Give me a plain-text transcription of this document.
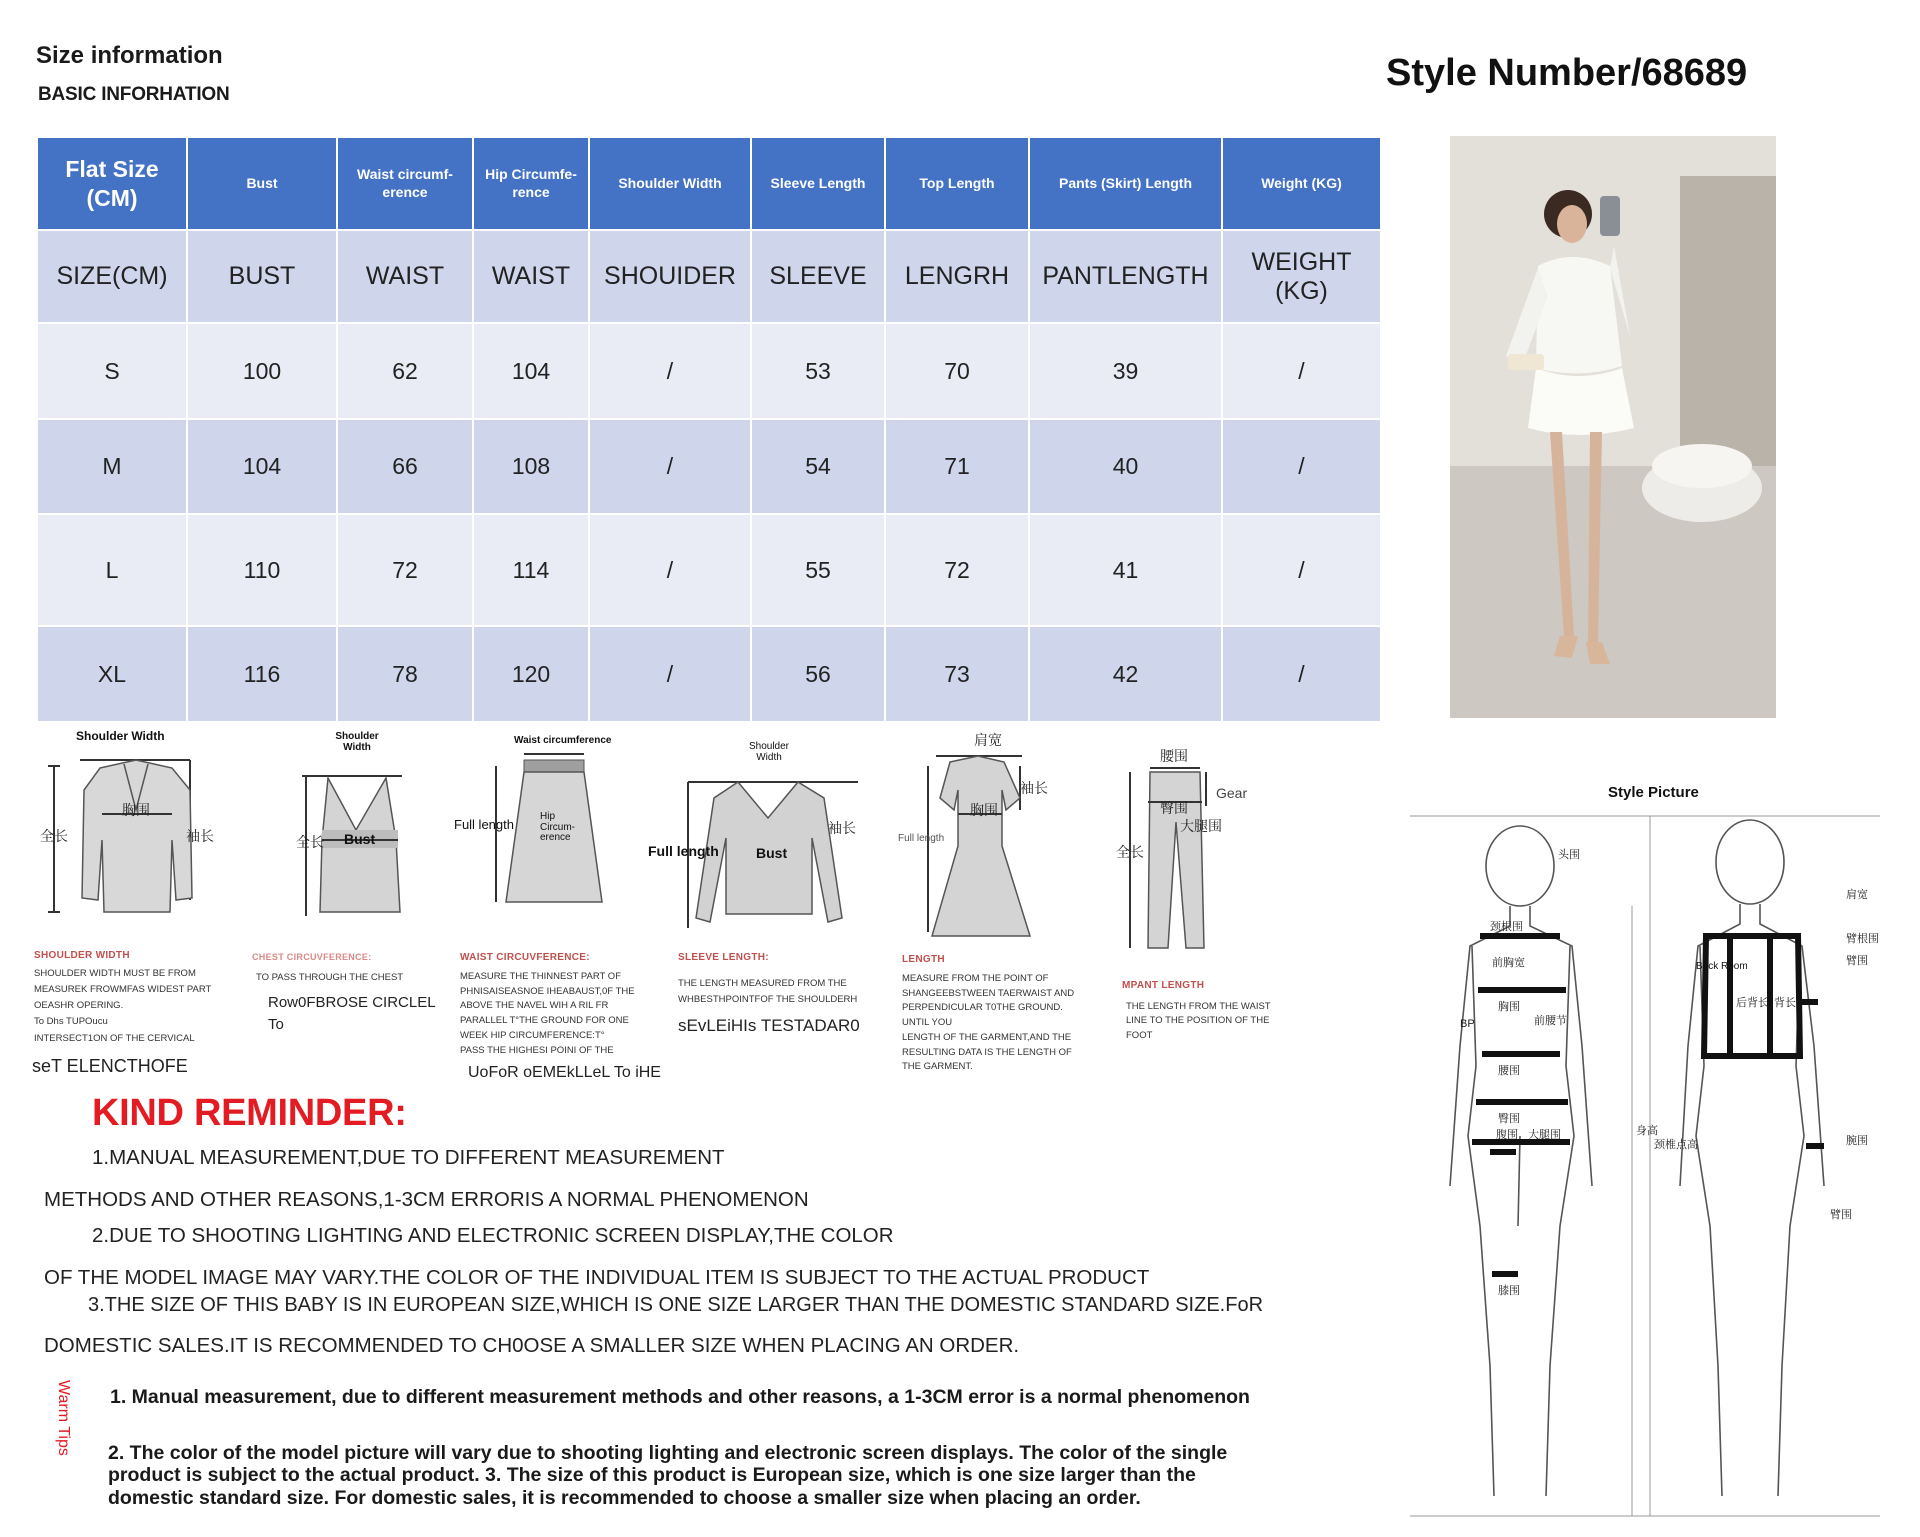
Size information
BASIC INFORHATION
Style Number/68689
Flat Size (CM)	Bust	Waist circumf-erence	Hip Circumfe-rence	Shoulder Width	Sleeve Length	Top Length	Pants (Skirt) Length	Weight (KG)
SIZE(CM)	BUST	WAIST	WAIST	SHOUIDER	SLEEVE	LENGRH	PANTLENGTH	WEIGHT (KG)
S	100	62	104	/	53	70	39	/
M	104	66	108	/	54	71	40	/
L	110	72	114	/	55	72	41	/
XL	116	78	120	/	56	73	42	/
Shoulder Width
胸围
全长	袖长
Shoulder Width
Bust
全长
Waist circumference
Full length
Hip Circum-erence
Shoulder Width
Full length	Bust
袖长
肩宽
袖长
胸围
Full length
腰围
臀围
大腿围
全长
Gear
SHOULDER WIDTH
SHOULDER WIDTH MUST BE FROM
MEASUREK FROWMFAS WIDEST PART
OEASHR OPERING.
To Dhs TUPOucu
INTERSECT1ON OF THE CERVICAL
seT ELENCTHOFE
CHEST CIRCUVFERENCE:
TO PASS THROUGH THE CHEST
Row0FBROSE CIRCLEL
To
WAIST CIRCUVFERENCE:
MEASURE THE THINNEST PART OF
PHNISAISEASNOE IHEABAUST,0F THE
ABOVE THE NAVEL WIH A RIL FR
PARALLEL T°THE GROUND FOR ONE
WEEK HIP CIRCUMFERENCE:T°
PASS THE HIGHESI POINI OF THE
UoFoR oEMEkLLeL To iHE
SLEEVE LENGTH:
THE LENGTH MEASURED FROM THE
WHBESTHPOINTFOF THE SHOULDERH
sEvLEiHIs TESTADAR0
LENGTH
MEASURE FROM THE POINT OF
SHANGEEBSTWEEN TAERWAIST AND
PERPENDICULAR T0THE GROUND.
UNTIL YOU
LENGTH OF THE GARMENT,AND THE
RESULTING DATA IS THE LENGTH OF
THE GARMENT.
MPANT LENGTH
THE LENGTH FROM THE WAIST
LINE TO THE POSITION OF THE
FOOT
KIND REMINDER:
1.MANUAL MEASUREMENT,DUE TO DIFFERENT MEASUREMENT
METHODS AND OTHER REASONS,1-3CM ERRORIS A NORMAL PHENOMENON
2.DUE TO SHOOTING LIGHTING AND ELECTRONIC SCREEN DISPLAY,THE COLOR
OF THE MODEL IMAGE MAY VARY.THE COLOR OF THE INDIVIDUAL ITEM IS SUBJECT TO THE ACTUAL PRODUCT
3.THE SIZE OF THIS BABY IS IN EUROPEAN SIZE,WHICH IS ONE SIZE LARGER THAN THE DOMESTIC STANDARD SIZE.FoR
DOMESTIC SALES.IT IS RECOMMENDED TO CH0OSE A SMALLER SIZE WHEN PLACING AN ORDER.
Warm Tips 1. Manual measurement, due to different measurement methods and other reasons, a 1-3CM error is a normal phenomenon
2. The color of the model picture will vary due to shooting lighting and electronic screen displays. The color of the single product is subject to the actual product. 3. The size of this product is European size, which is one size larger than the domestic standard size. For domestic sales, it is recommended to choose a smaller size when placing an order.
Style Picture
头围
颈根围
前胸宽
胸围
前腰节
腰围
臀围
腹围 大腿围
膝围
BP
肩宽
臂根围
臂围
后背长 背长
腕围
臂围
身高
颈椎点高
Back Room
